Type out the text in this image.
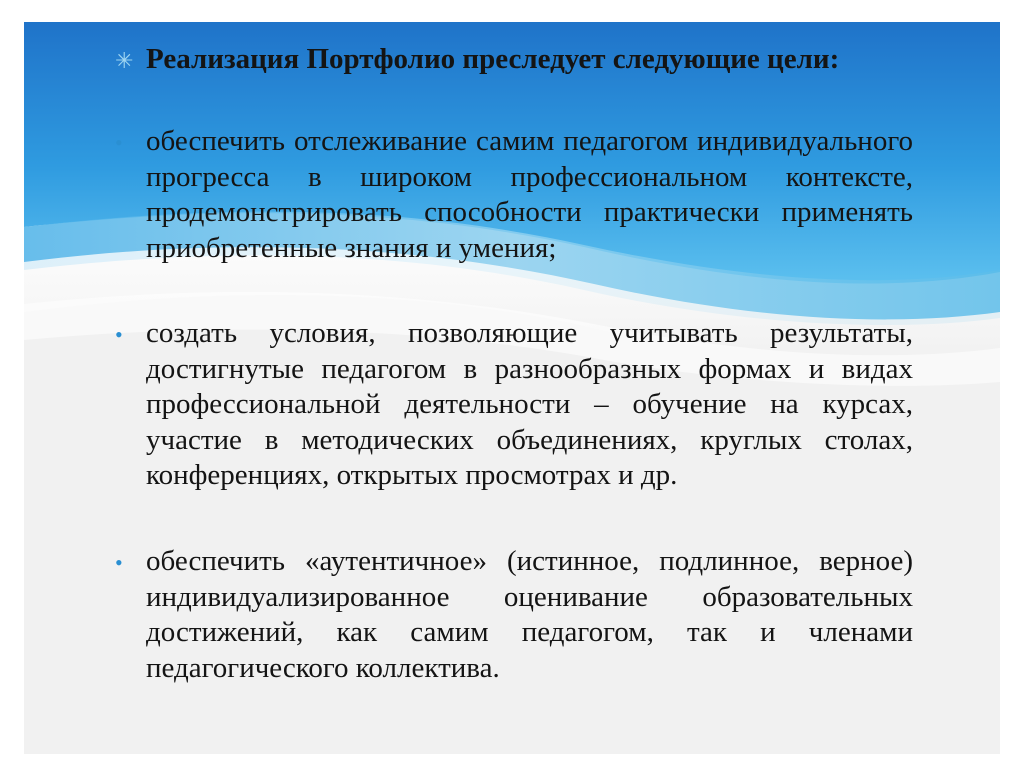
✳ Реализация Портфолио преследует следующие цели:

• обеспечить отслеживание самим педагогом индивидуального прогресса в широком профессиональном контексте, продемонстрировать способности практически применять приобретенные знания и умения;

• создать условия, позволяющие учитывать результаты, достигнутые педагогом в разнообразных формах и видах профессиональной деятельности – обучение на курсах, участие в методических объединениях, круглых столах, конференциях, открытых просмотрах и др.

• обеспечить «аутентичное» (истинное, подлинное, верное) индивидуализированное оценивание образовательных достижений, как самим педагогом, так и членами педагогического коллектива.
